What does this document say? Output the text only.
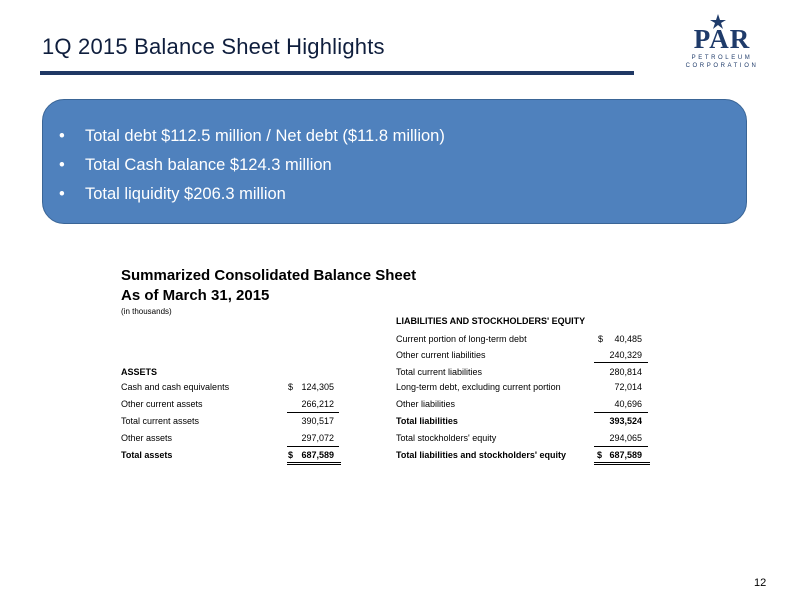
1Q 2015 Balance Sheet Highlights	PAR
PETROLEUM
CORPORATION
• Total debt $112.5 million / Net debt ($11.8 million)
• Total Cash balance $124.3 million
• Total liquidity $206.3 million
Summarized Consolidated Balance Sheet
As of March 31, 2015
(in thousands)
ASSETS
Cash and cash equivalents	$ 124,305
Other current assets	266,212
Total current assets	390,517
Other assets	297,072
Total assets	$ 687,589
LIABILITIES AND STOCKHOLDERS' EQUITY
Current portion of long-term debt	$	40,485
Other current liabilities	240,329
Total current liabilities	280,814
Long-term debt, excluding current portion	72,014
Other liabilities	40,696
Total liabilities	393,524
Total stockholders' equity	294,065
Total liabilities and stockholders' equity	$ 687,589
12
